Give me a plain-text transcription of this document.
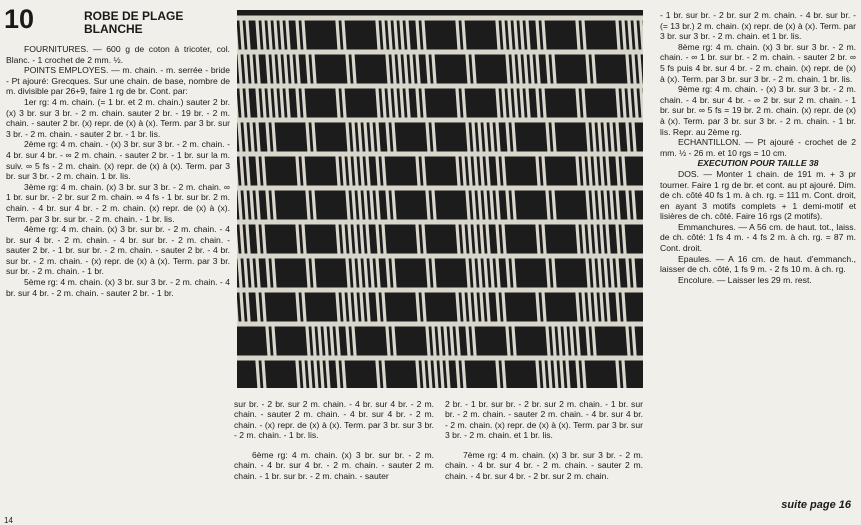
10	ROBE DE PLAGE
BLANCHE

FOURNITURES. — 600 g de coton à tricoter, col. Blanc. - 1 crochet de 2 mm. ½.

POINTS EMPLOYES. — m. chain. - m. serrée - bride - Pt ajouré: Grecques. Sur une chain. de base, nombre de m. divisible par 26+9, faire 1 rg de br. Cont. par:

1er rg: 4 m. chain. (= 1 br. et 2 m. chain.) sauter 2 br. (x) 3 br. sur 3 br. - 2 m. chain. sauter 2 br. - 19 br. - 2 m. chain. - sauter 2 br. (x) repr. de (x) à (x). Term. par 3 br. sur 3 br. - 2 m. chain. - sauter 2 br. - 1 br. lis.

2ème rg: 4 m. chain. - (x) 3 br. sur 3 br. - 2 m. chain. - 4 br. sur 4 br. - ∞ 2 m. chain. - sauter 2 br. - 1 br. sur la m. suiv. ∞ 5 fs - 2 m. chain. (x) repr. de (x) à (x). Term. par 3 br. sur 3 br. - 2 m. chain. 1 br. lis.

3ème rg: 4 m. chain. (x) 3 br. sur 3 br. - 2 m. chain. ∞ 1 br. sur br. - 2 br. sur 2 m. chain. ∞ 4 fs - 1 br. sur br. 2 m. chain. - 4 br. sur 4 br. - 2 m. chain. (x) repr. de (x) à (x). Term. par 3 br. sur br. - 2 m. chain. - 1 br. lis.

4ème rg: 4 m. chain. (x) 3 br. sur br. - 2 m. chain. - 4 br. sur 4 br. - 2 m. chain. - 4 br. sur br. - 2 m. chain. - sauter 2 br. - 1 br. sur br. - 2 m. chain. - sauter 2 br. - 4 br. sur br. - 2 m. chain. - (x) repr. de (x) à (x). Term. par 3 br. sur br. - 2 m. chain. - 1 br.

5ème rg: 4 m. chain. (x) 3 br. sur 3 br. - 2 m. chain. - 4 br. sur 4 br. - 2 m. chain. - sauter 2 br. - 1 br.

sur br. - 2 br. sur 2 m. chain. - 4 br. sur 4 br. - 2 m. chain. - sauter 2 m. chain. - 4 br. sur 4 br. - 2 m. chain. - (x) repr. de (x) à (x). Term. par 3 br. sur 3 br. - 2 m. chain. - 1 br. lis.

6ème rg: 4 m. chain. (x) 3 br. sur br. - 2 m. chain. - 4 br. sur 4 br. - 2 m. chain. - sauter 2 m. chain. - 1 br. sur br. - 2 m. chain. - sauter

2 br. - 1 br. sur br. - 2 br. sur 2 m. chain. - 1 br. sur br. - 2 m. chain. - sauter 2 m. chain. - 4 br. sur 4 br. - 2 m. chain. (x) repr. de (x) à (x). Term. par 3 br. sur 3 br. - 2 m. chain. et 1 br. lis.

7ème rg: 4 m. chain. (x) 3 br. sur 3 br. - 2 m. chain. - 4 br. sur 4 br. - 2 m. chain. - sauter 2 m. chain. - 4 br. sur 4 br. - 2 br. sur 2 m. chain.

- 1 br. sur br. - 2 br. sur 2 m. chain. - 4 br. sur br. - (= 13 br.) 2 m. chain. (x) repr. de (x) à (x). Term. par 3 br. sur 3 br. - 2 m. chain. et 1 br. lis.

8ème rg: 4 m. chain. (x) 3 br. sur 3 br. - 2 m. chain. - ∞ 1 br. sur br. - 2 m. chain. - sauter 2 br. ∞ 5 fs puis 4 br. sur 4 br. - 2 m. chain. (x) repr. de (x) à (x). Term. par 3 br. sur 3 br. - 2 m. chain. 1 br. lis.

9ème rg: 4 m. chain. - (x) 3 br. sur 3 br. - 2 m. chain. - 4 br. sur 4 br. - ∞ 2 br. sur 2 m. chain. - 1 br. sur br. ∞ 5 fs = 19 br. 2 m. chain. (x) repr. de (x) à (x). Term. par 3 br. sur 3 br. - 2 m. chain. - 1 br. lis. Repr. au 2ème rg.

ECHANTILLON. — Pt ajouré - crochet de 2 mm. ½ - 26 m. et 10 rgs = 10 cm.

EXECUTION POUR TAILLE 38

DOS. — Monter 1 chain. de 191 m. + 3 pr tourner. Faire 1 rg de br. et cont. au pt ajouré. Dim. de ch. côté 40 fs 1 m. à ch. rg. = 111 m. Cont. droit, en ayant 3 motifs complets + 1 demi-motif et lisières de ch. côté. Faire 16 rgs (2 motifs).

Emmanchures. — A 56 cm. de haut. tot., laiss. de ch. côté: 1 fs 4 m. - 4 fs 2 m. à ch. rg. = 87 m. Cont. droit.

Epaules. — A 16 cm. de haut. d'emmanch., laisser de ch. côté, 1 fs 9 m. - 2 fs 10 m. à ch. rg.

Encolure. — Laisser les 29 m. rest.

suite page 16
14
